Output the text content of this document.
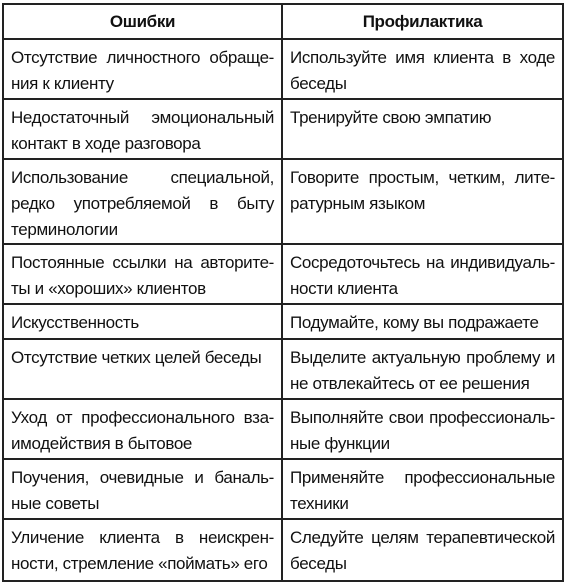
Ошибки	Профилактика
Отсутствие личностного обраще-ния к клиенту	Используйте имя клиента в ходе беседы
Недостаточный эмоциональный контакт в ходе разговора	Тренируйте свою эмпатию
Использование специальной, редко употребляемой в быту терминологии	Говорите простым, четким, лите-ратурным языком
Постоянные ссылки на авторите-ты и «хороших» клиентов	Сосредоточьтесь на индивидуаль-ности клиента
Искусственность	Подумайте, кому вы подражаете
Отсутствие четких целей беседы	Выделите актуальную проблему и не отвлекайтесь от ее решения
Уход от профессионального вза-имодействия в бытовое	Выполняйте свои профессиональ-ные функции
Поучения, очевидные и баналь-ные советы	Применяйте профессиональные техники
Уличение клиента в неискрен-ности, стремление «поймать» его	Следуйте целям терапевтической беседы
